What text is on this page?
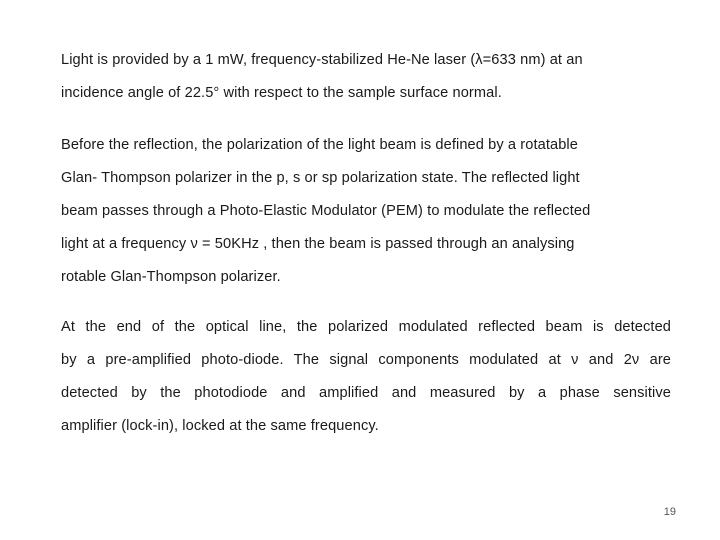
Light is provided by a 1 mW, frequency-stabilized He-Ne laser (λ=633 nm) at an
incidence angle of 22.5° with respect to the sample surface normal.

Before the reflection, the polarization of the light beam is defined by a rotatable
Glan- Thompson polarizer in the p, s or sp polarization state. The reflected light
beam passes through a Photo-Elastic Modulator (PEM) to modulate the reflected
light at a frequency ν = 50KHz , then the beam is passed through an analysing
rotable Glan-Thompson polarizer.

At the end of the optical line, the polarized modulated reflected beam is detected
by a pre-amplified photo-diode. The signal components modulated at ν and 2ν are
detected by the photodiode and amplified and measured by a phase sensitive
amplifier (lock-in), locked at the same frequency.

19
